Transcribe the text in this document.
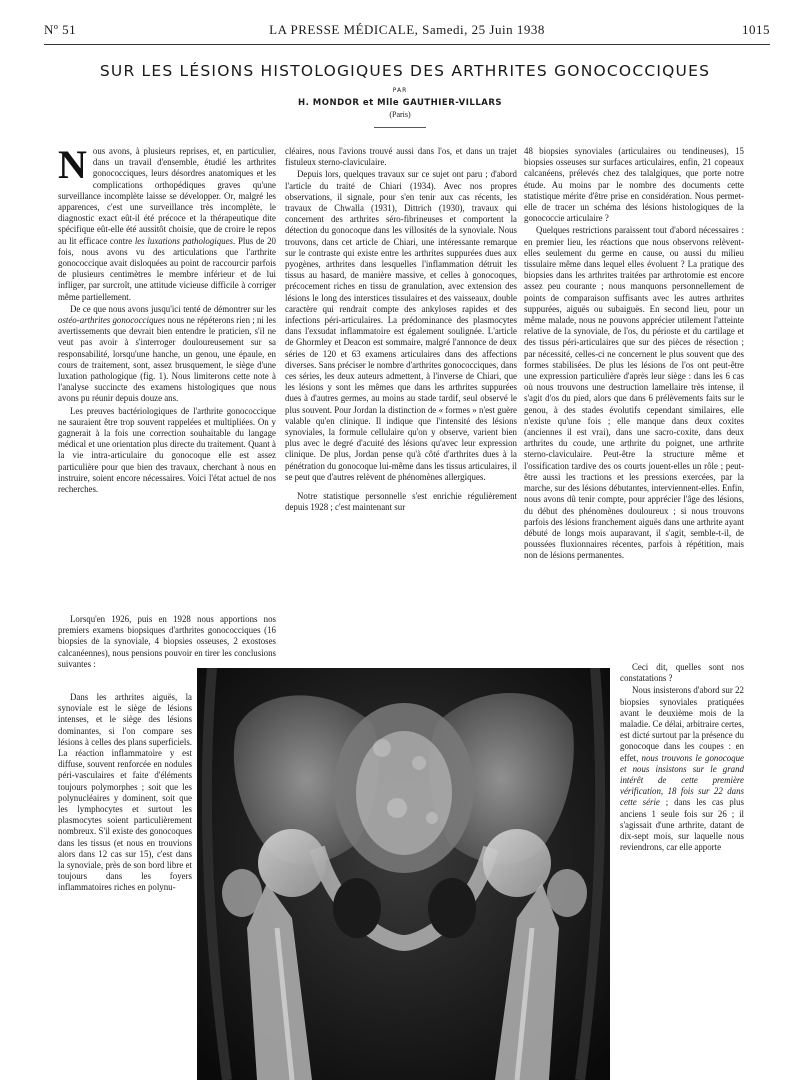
Nº 51	LA PRESSE MÉDICALE, Samedi, 25 Juin 1938	1015
SUR LES LÉSIONS HISTOLOGIQUES DES ARTHRITES GONOCOCCIQUES
PAR
H. MONDOR et Mlle GAUTHIER-VILLARS
(Paris)

Nous avons, à plusieurs reprises, et, en particulier, dans un travail d'ensemble, étudié les arthrites gonococciques, leurs désordres anatomiques et les complications orthopédiques graves qu'une surveillance incomplète laisse se développer. Or, malgré les apparences, c'est une surveillance très incomplète, le diagnostic exact eût-il été précoce et la thérapeutique dite spécifique eût-elle été aussitôt choisie, que de croire le repos au lit efficace contre les luxations pathologiques. Plus de 20 fois, nous avons vu des articulations que l'arthrite gonococcique avait disloquées au point de raccourcir parfois de plusieurs centimètres le membre inférieur et de lui infliger, par surcroît, une attitude vicieuse difficile à corriger même partiellement.

De ce que nous avons jusqu'ici tenté de démontrer sur les ostéo-arthrites gonococciques nous ne répéterons rien ; ni les avertissements que devrait bien entendre le praticien, s'il ne veut pas avoir à s'interroger douloureusement sur sa responsabilité, lorsqu'une hanche, un genou, une épaule, en cours de traitement, sont, assez brusquement, le siège d'une luxation pathologique (fig. 1). Nous limiterons cette note à l'analyse succincte des examens histologiques que nous avons pu réunir depuis douze ans.

Les preuves bactériologiques de l'arthrite gonococcique ne sauraient être trop souvent rappelées et multipliées. On y gagnerait à la fois une correction souhaitable du langage médical et une orientation plus directe du traitement. Quant à la vie intra-articulaire du gonocoque elle est assez particulière pour que bien des travaux, cherchant à nous en instruire, soient encore nécessaires. Voici l'état actuel de nos recherches.

Lorsqu'en 1926, puis en 1928 nous apportions nos premiers examens biopsiques d'arthrites gonococciques (16 biopsies de la synoviale, 4 biopsies osseuses, 2 exostoses calcanéennes), nous pensions pouvoir en tirer les conclusions suivantes :

Dans les arthrites aiguës, la synoviale est le siège de lésions intenses, et le siège des lésions dominantes, si l'on compare ses lésions à celles des plans superficiels. La réaction inflammatoire y est diffuse, souvent renforcée en nodules péri-vasculaires et faite d'éléments toujours polymorphes ; soit que les polynucléaires y dominent, soit que les lymphocytes et surtout les plasmocytes soient particulièrement nombreux. S'il existe des gonocoques dans les tissus (et nous en trouvions alors dans 12 cas sur 15), c'est dans la synoviale, près de son bord libre et toujours dans les foyers inflammatoires riches en polynu-

cléaires, nous l'avions trouvé aussi dans l'os, et dans un trajet fistuleux sterno-claviculaire.

Depuis lors, quelques travaux sur ce sujet ont paru ; d'abord l'article du traité de Chiari (1934). Avec nos propres observations, il signale, pour s'en tenir aux cas récents, les travaux de Chwalla (1931), Dittrich (1930), travaux qui concernent des arthrites séro-fibrineuses et comportent la détection du gonocoque dans les villosités de la synoviale. Nous trouvons, dans cet article de Chiari, une intéressante remarque sur le contraste qui existe entre les arthrites suppurées dues aux pyogènes, arthrites dans lesquelles l'inflammation détruit les tissus au hasard, de manière massive, et celles à gonocoques, précocement riches en tissu de granulation, avec extension des lésions le long des interstices tissulaires et des vaisseaux, double caractère qui rendrait compte des ankyloses rapides et des infections péri-articulaires. La prédominance des plasmocytes dans l'exsudat inflammatoire est également soulignée. L'article de Ghormley et Deacon est sommaire, malgré l'annonce de deux séries de 120 et 63 examens articulaires dans des affections diverses. Sans préciser le nombre d'arthrites gonococciques, dans ces séries, les deux auteurs admettent, à l'inverse de Chiari, que les lésions y sont les mêmes que dans les arthrites suppurées dues à d'autres germes, au moins au stade tardif, seul observé le plus souvent. Pour Jordan la distinction de « formes » n'est guère valable qu'en clinique. Il indique que l'intensité des lésions synoviales, la formule cellulaire qu'on y observe, varient bien plus avec le degré d'acuité des lésions qu'avec leur expression clinique. De plus, Jordan pense qu'à côté d'arthrites dues à la pénétration du gonocoque lui-même dans les tissus articulaires, il se peut que d'autres relèvent de phénomènes allergiques.

Notre statistique personnelle s'est enrichie régulièrement depuis 1928 ; c'est maintenant sur

48 biopsies synoviales (articulaires ou tendineuses), 15 biopsies osseuses sur surfaces articulaires, enfin, 21 copeaux calcanéens, prélevés chez des talalgiques, que porte notre étude. Au moins par le nombre des documents cette statistique mérite d'être prise en considération. Nous permet-elle de tracer un schéma des lésions histologiques de la gonococcie articulaire ?

Quelques restrictions paraissent tout d'abord nécessaires : en premier lieu, les réactions que nous observons relèvent-elles seulement du germe en cause, ou aussi du milieu tissulaire même dans lequel elles évoluent ? La pratique des biopsies dans les arthrites traitées par arthrotomie est encore assez peu courante ; nous manquons personnellement de points de comparaison suffisants avec les autres arthrites suppurées, aiguës ou subaiguës. En second lieu, pour un même malade, nous ne pouvons apprécier utilement l'atteinte relative de la synoviale, de l'os, du périoste et du cartilage et des tissus péri-articulaires que sur des pièces de résection ; par nécessité, celles-ci ne concernent le plus souvent que des formes stabilisées. De plus les lésions de l'os ont peut-être une expression particulière d'après leur siège : dans les 6 cas où nous trouvons une destruction lamellaire très intense, il s'agit d'os du pied, alors que dans 6 prélèvements faits sur le genou, à des stades évolutifs cependant similaires, elle n'existe qu'une fois ; elle manque dans deux coxites (anciennes il est vrai), dans une sacro-coxite, dans deux arthrites du coude, une arthrite du poignet, une arthrite sterno-claviculaire. Peut-être la structure même et l'ossification tardive des os courts jouent-elles un rôle ; peut-être aussi les tractions et les pressions exercées, par la marche, sur des lésions débutantes, interviennent-elles. Enfin, nous avons dû tenir compte, pour apprécier l'âge des lésions, du début des phénomènes douloureux ; si nous trouvons parfois des lésions franchement aiguës dans une arthrite ayant débuté de longs mois auparavant, il s'agit, semble-t-il, de poussées fluxionnaires récentes, parfois à répétition, mais non de lésions permanentes.

Ceci dit, quelles sont nos constatations ?

Nous insisterons d'abord sur 22 biopsies synoviales pratiquées avant le deuxième mois de la maladie. Ce délai, arbitraire certes, est dicté surtout par la présence du gonocoque dans les coupes : en effet, nous trouvons le gonocoque et nous insistons sur le grand intérêt de cette première vérification, 18 fois sur 22 dans cette série ; dans les cas plus anciens 1 seule fois sur 26 ; il s'agissait d'une arthrite, datant de dix-sept mois, sur laquelle nous reviendrons, car elle apporte
